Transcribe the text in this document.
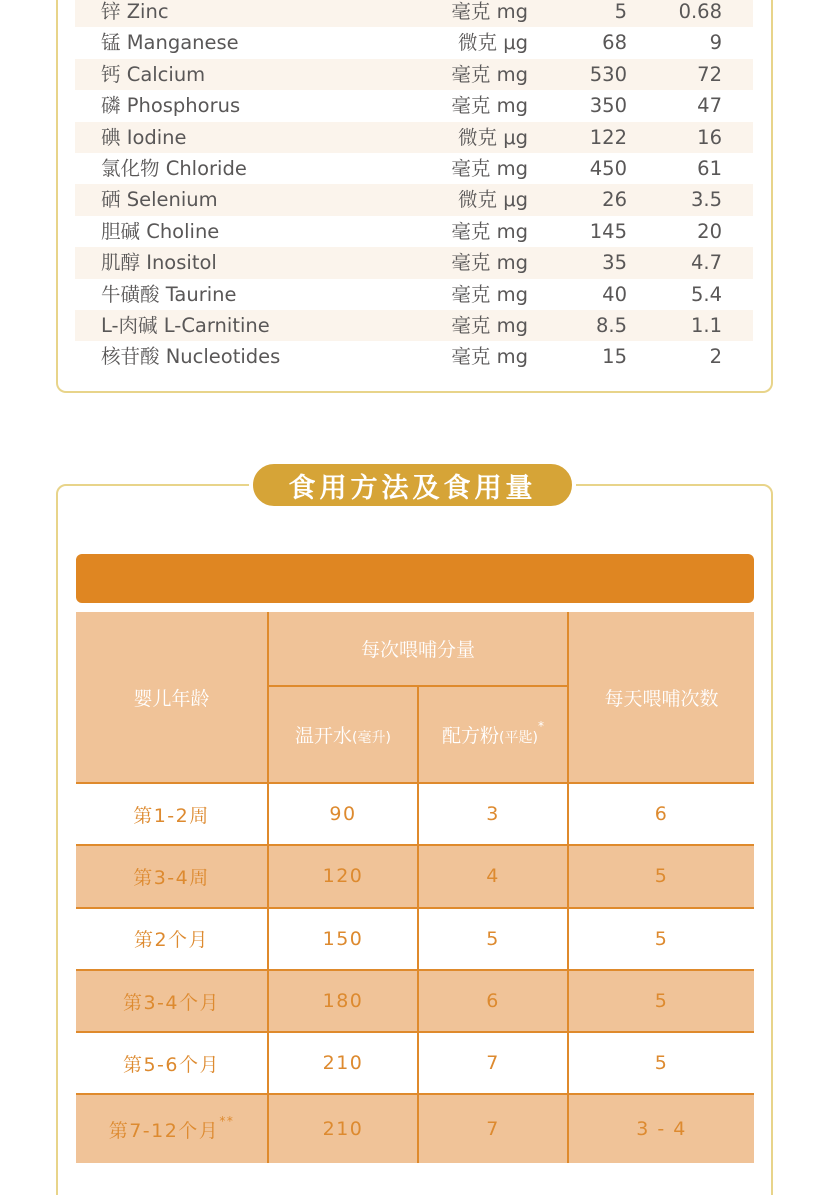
锌 Zinc	毫克 mg	5	0.68
锰 Manganese	微克 μg	68	9
钙 Calcium	毫克 mg	530	72
磷 Phosphorus	毫克 mg	350	47
碘 Iodine	微克 μg	122	16
氯化物 Chloride	毫克 mg	450	61
硒 Selenium	微克 μg	26	3.5
胆碱 Choline	毫克 mg	145	20
肌醇 Inositol	毫克 mg	35	4.7
牛磺酸 Taurine	毫克 mg	40	5.4
L-肉碱 L-Carnitine	毫克 mg	8.5	1.1
核苷酸 Nucleotides	毫克 mg	15	2
食用方法及食用量
婴儿年龄	每次喂哺分量		每天喂哺次数
	温开水(毫升)	配方粉(平匙)*
第1-2周	90	3	6
第3-4周	120	4	5
第2个月	150	5	5
第3-4个月	180	6	5
第5-6个月	210	7	5
第7-12个月**	210	7	3 - 4
